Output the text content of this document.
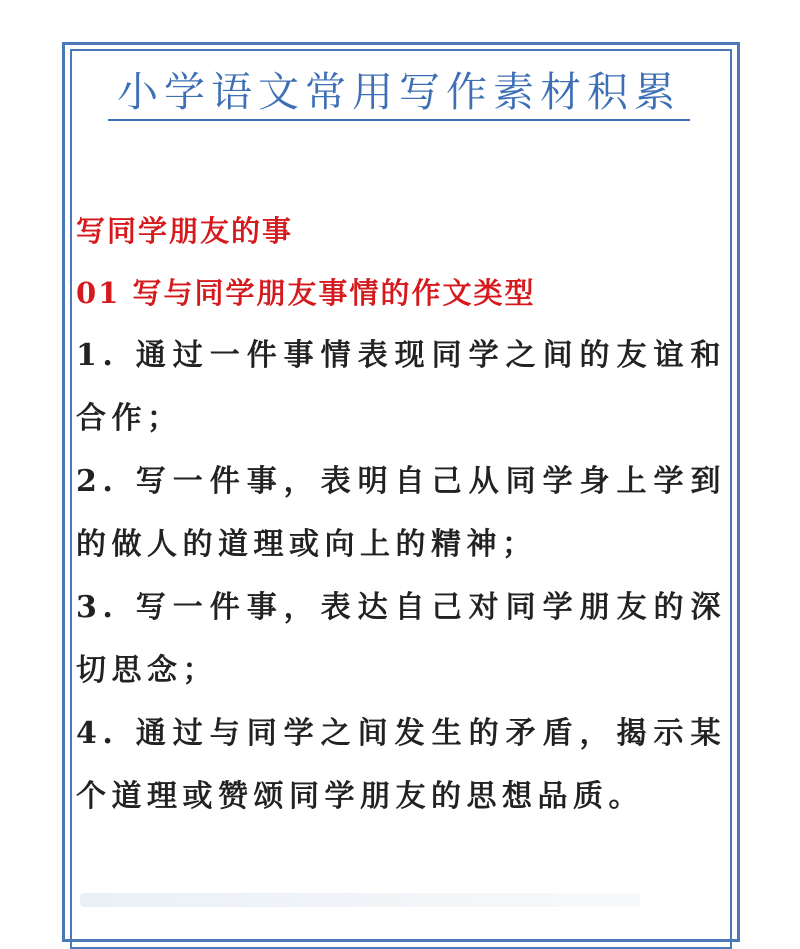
小学语文常用写作素材积累
写同学朋友的事
01 写与同学朋友事情的作文类型

1. 通过一件事情表现同学之间的友谊和合作；

2. 写一件事，表明自己从同学身上学到的做人的道理或向上的精神；

3. 写一件事，表达自己对同学朋友的深切思念；

4. 通过与同学之间发生的矛盾，揭示某个道理或赞颂同学朋友的思想品质。
